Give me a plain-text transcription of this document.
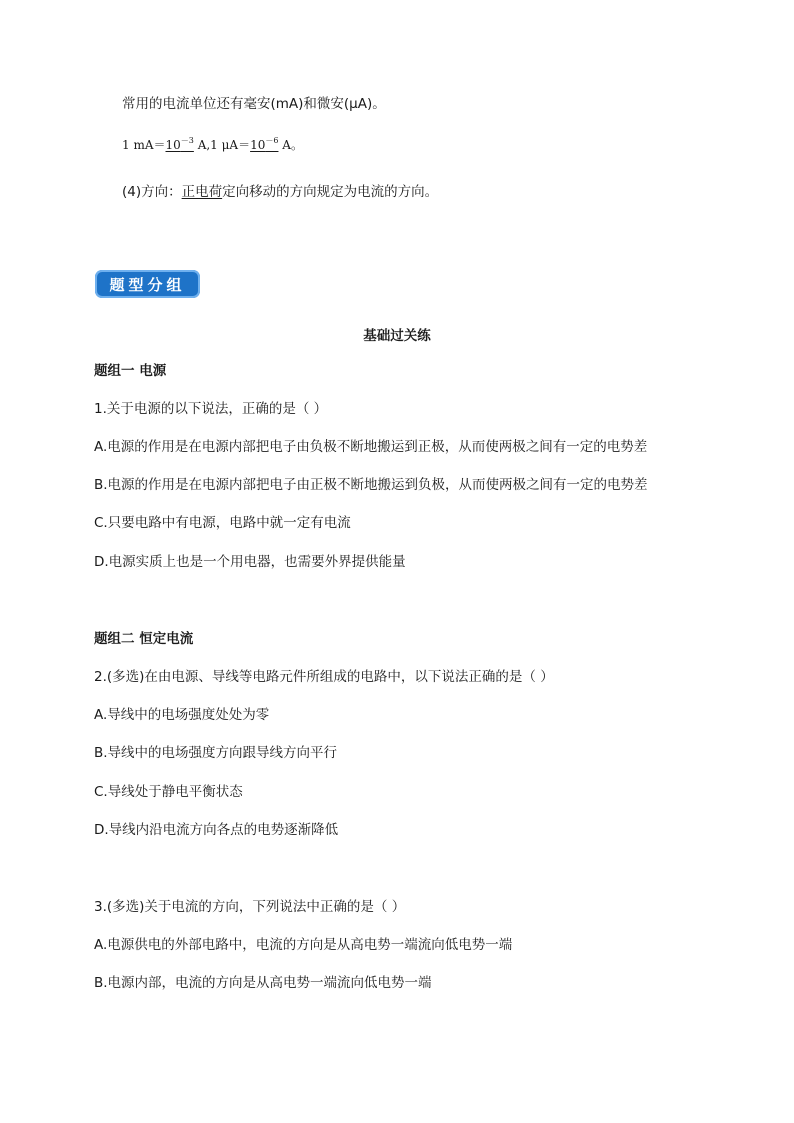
常用的电流单位还有毫安(mA)和微安(μA)。
1 $mA=10^{-3}$ A,1 $\mu A=10^{-6}$ A。
(4)方向：正电荷定向移动的方向规定为电流的方向。
题型分组
基础过关练
题组一 电源
1.关于电源的以下说法，正确的是（ ）
A.电源的作用是在电源内部把电子由负极不断地搬运到正极，从而使两极之间有一定的电势差
B.电源的作用是在电源内部把电子由正极不断地搬运到负极，从而使两极之间有一定的电势差
C.只要电路中有电源，电路中就一定有电流
D.电源实质上也是一个用电器，也需要外界提供能量
题组二 恒定电流
2.(多选)在由电源、导线等电路元件所组成的电路中，以下说法正确的是（ ）
A.导线中的电场强度处处为零
B.导线中的电场强度方向跟导线方向平行
C.导线处于静电平衡状态
D.导线内沿电流方向各点的电势逐渐降低
3.(多选)关于电流的方向，下列说法中正确的是（ ）
A.电源供电的外部电路中，电流的方向是从高电势一端流向低电势一端
B.电源内部，电流的方向是从高电势一端流向低电势一端
